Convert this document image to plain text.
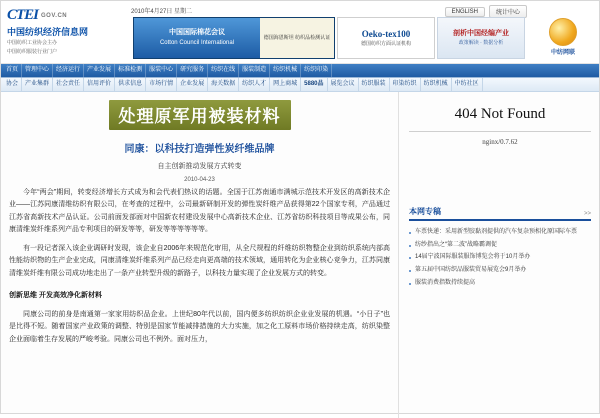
CTEI GOV.CN
中国纺织经济信息网
中国纺织工业协会主办
中国纺织服装行业门户
2010年4月27日 星期二	ENGLISH	统计中心
中国国际棉花会议
Cotton Council International
德国海恩斯坦 纺织品检测认证	Oeko-tex100
德国纺织方面认证机构
剖析中国经编产业
政策解读 · 数据分析
中纺网联
首页	管理中心	经济运行	产业发展	标准检测	服装中心	研究服务	纺织在线	服装制造	纺织机械	纺织印染
协会	产业集群	社会责任	信用评价	供求信息	市场行情	企业发展	海关数据	纺织人才	网上商城	5880品	展览会议	纺织服装	印染纺织	纺织机械	中纺社区
处理原军用被装材料
同康：以科技打造弹性炭纤维品牌
自主创新推动发展方式转变
2010-04-23

今年“两会”期间，转变经济增长方式成为和会代表们热议的话题。全国于江苏南通市满城示范技术开发区的高新技术企业——江苏同康清维纺织有限公司，在考查的过程中，公司最新研制开发的弹性炭纤维产品获得第22个国家专利，产品通过江苏省高新技术产品认证。公司前面发部面对中国新农村建设发展中心高新技术企业、江苏省纺织科技项目等成果公布，同康清维炭纤维系列产品专利项目的研发等等，研发等等等等等等。

有一段记者深入该企业调研时发现，该企业自2006年来规范化审用，从全尺规程的纤维纺织物整企业到纺织系统内部高性能纺织物的生产企业完成，同康清维炭纤维系列产品已经走向更高端的技术领域，通用转化为企业核心竞争力，江苏同康清维炭纤维有限公司成功地走出了一条产业转型升级的新路子，以科技力量实现了企业发展方式的转变。

创新思维 开发高效净化新材料

同康公司的前身是南通第一家家用纺织品企业。上世纪80年代以前，国内便多纺织纺织企业业发展的机遇。“小日子”也是比得不短。随着国家产业政策的调整、特别是国家节能减排措施的大力实施，加之化工原料市场价格持续走高，纺织染整企业面临着生存发展的严峻考验。同康公司也不例外。面对压力，

404 Not Found
nginx/0.7.62
本网专稿	>>
车票快递：采用新型胶黏剂提供的汽车复杂预相化原国际车票
纺纱指出之“第二波”战略霸调促
14届宁波国际服装服饰博览会将于10月举办
第五届中国纺织品服装贸易展览会9月举办
服装消费指数持续提高
